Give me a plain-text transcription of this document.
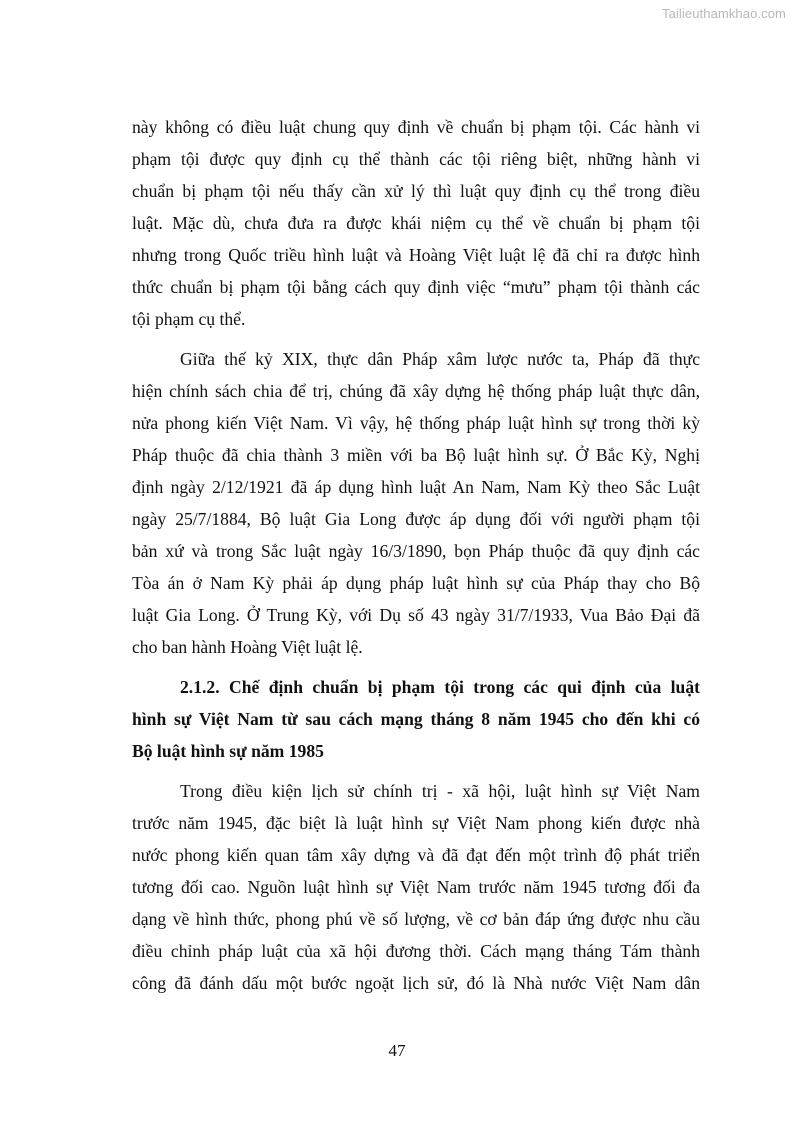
Tailieuthamkhao.com
này không có điều luật chung quy định về chuẩn bị phạm tội. Các hành vi
phạm tội được quy định cụ thể thành các tội riêng biệt, những hành vi
chuẩn bị phạm tội nếu thấy cần xử lý thì luật quy định cụ thể trong điều
luật. Mặc dù, chưa đưa ra được khái niệm cụ thể về chuẩn bị phạm tội
nhưng trong Quốc triều hình luật và Hoàng Việt luật lệ đã chỉ ra được hình
thức chuẩn bị phạm tội bằng cách quy định việc “mưu” phạm tội thành các
tội phạm cụ thể.
Giữa thế kỷ XIX, thực dân Pháp xâm lược nước ta, Pháp đã thực
hiện chính sách chia để trị, chúng đã xây dựng hệ thống pháp luật thực dân,
nửa phong kiến Việt Nam. Vì vậy, hệ thống pháp luật hình sự trong thời kỳ
Pháp thuộc đã chia thành 3 miền với ba Bộ luật hình sự. Ở Bắc Kỳ, Nghị
định ngày 2/12/1921 đã áp dụng hình luật An Nam, Nam Kỳ theo Sắc Luật
ngày 25/7/1884, Bộ luật Gia Long được áp dụng đối với người phạm tội
bản xứ và trong Sắc luật ngày 16/3/1890, bọn Pháp thuộc đã quy định các
Tòa án ở Nam Kỳ phải áp dụng pháp luật hình sự của Pháp thay cho Bộ
luật Gia Long. Ở Trung Kỳ, với Dụ số 43 ngày 31/7/1933, Vua Bảo Đại đã
cho ban hành Hoàng Việt luật lệ.
2.1.2. Chế định chuẩn bị phạm tội trong các qui định của luật
hình sự Việt Nam từ sau cách mạng tháng 8 năm 1945 cho đến khi có
Bộ luật hình sự năm 1985
Trong điều kiện lịch sử chính trị - xã hội, luật hình sự Việt Nam
trước năm 1945, đặc biệt là luật hình sự Việt Nam phong kiến được nhà
nước phong kiến quan tâm xây dựng và đã đạt đến một trình độ phát triển
tương đối cao. Nguồn luật hình sự Việt Nam trước năm 1945 tương đối đa
dạng về hình thức, phong phú về số lượng, về cơ bản đáp ứng được nhu cầu
điều chỉnh pháp luật của xã hội đương thời. Cách mạng tháng Tám thành
công đã đánh dấu một bước ngoặt lịch sử, đó là Nhà nước Việt Nam dân
47
